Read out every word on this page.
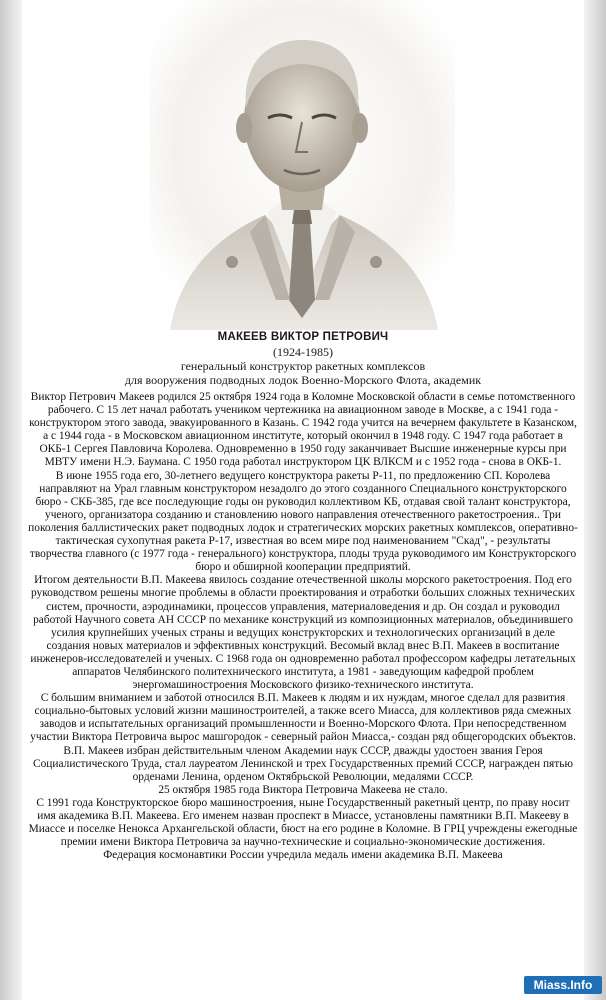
МАКЕЕВ ВИКТОР ПЕТРОВИЧ

(1924-1985)

генеральный конструктор ракетных комплексов

для вооружения подводных лодок Военно-Морского Флота, академик

Виктор Петрович Макеев родился 25 октября 1924 года в Коломне Московской области в семье потомственного рабочего. С 15 лет начал работать учеником чертежника на авиационном заводе в Москве, а с 1941 года - конструктором этого завода, эвакуированного в Казань. С 1942 года учится на вечернем факультете в Казанском, а с 1944 года - в Московском авиационном институте, который окончил в 1948 году. С 1947 года работает в ОКБ-1 Сергея Павловича Королева. Одновременно в 1950 году заканчивает Высшие инженерные курсы при МВТУ имени Н.Э. Баумана. С 1950 года работал инструктором ЦК ВЛКСМ и с 1952 года - снова в ОКБ-1.

В июне 1955 года его, 30-летнего ведущего конструктора ракеты Р-11, по предложению СП. Королева направляют на Урал главным конструктором незадолго до этого созданного Специального конструкторского бюро - СКБ-385, где все последующие годы он руководил коллективом КБ, отдавая свой талант конструктора, ученого, организатора созданию и становлению нового направления отечественного ракетостроения.. Три поколения баллистических ракет подводных лодок и стратегических морских ракетных комплексов, оперативно-тактическая сухопутная ракета Р-17, известная во всем мире под наименованием "Скад", - результаты творчества главного (с 1977 года - генерального) конструктора, плоды труда руководимого им Конструкторского бюро и обширной кооперации предприятий.

Итогом деятельности В.П. Макеева явилось создание отечественной школы морского ракетостроения. Под его руководством решены многие проблемы в области проектирования и отработки больших сложных технических систем, прочности, аэродинамики, процессов управления, материаловедения и др. Он создал и руководил работой Научного совета АН СССР по механике конструкций из композиционных материалов, объединившего усилия крупнейших ученых страны и ведущих конструкторских и технологических организаций в деле создания новых материалов и эффективных конструкций. Весомый вклад внес В.П. Макеев в воспитание инженеров-исследователей и ученых. С 1968 года он одновременно работал профессором кафедры летательных аппаратов Челябинского политехнического института, а 1981 - заведующим кафедрой проблем энергомашиностроения Московского физико-технического института.

С большим вниманием и заботой относился В.П. Макеев к людям и их нуждам, многое сделал для развития социально-бытовых условий жизни машиностроителей, а также всего Миасса, для коллективов ряда смежных заводов и испытательных организаций промышленности и Военно-Морского Флота. При непосредственном участии Виктора Петровича вырос машгородок - северный район Миасса,- создан ряд общегородских объектов.

В.П. Макеев избран действительным членом Академии наук СССР, дважды удостоен звания Героя Социалистического Труда, стал лауреатом Ленинской и трех Государственных премий СССР, награжден пятью орденами Ленина, орденом Октябрьской Революции, медалями СССР.

25 октября 1985 года Виктора Петровича Макеева не стало.

С 1991 года Конструкторское бюро машиностроения, ныне Государственный ракетный центр, по праву носит имя академика В.П. Макеева. Его именем назван проспект в Миассе, установлены памятники В.П. Макееву в Миассе и поселке Ненокса Архангельской области, бюст на его родине в Коломне. В ГРЦ учреждены ежегодные премии имени Виктора Петровича за научно-технические и социально-экономические достижения.

Федерация космонавтики России учредила медаль имени академика В.П. Макеева

Miass.Info
